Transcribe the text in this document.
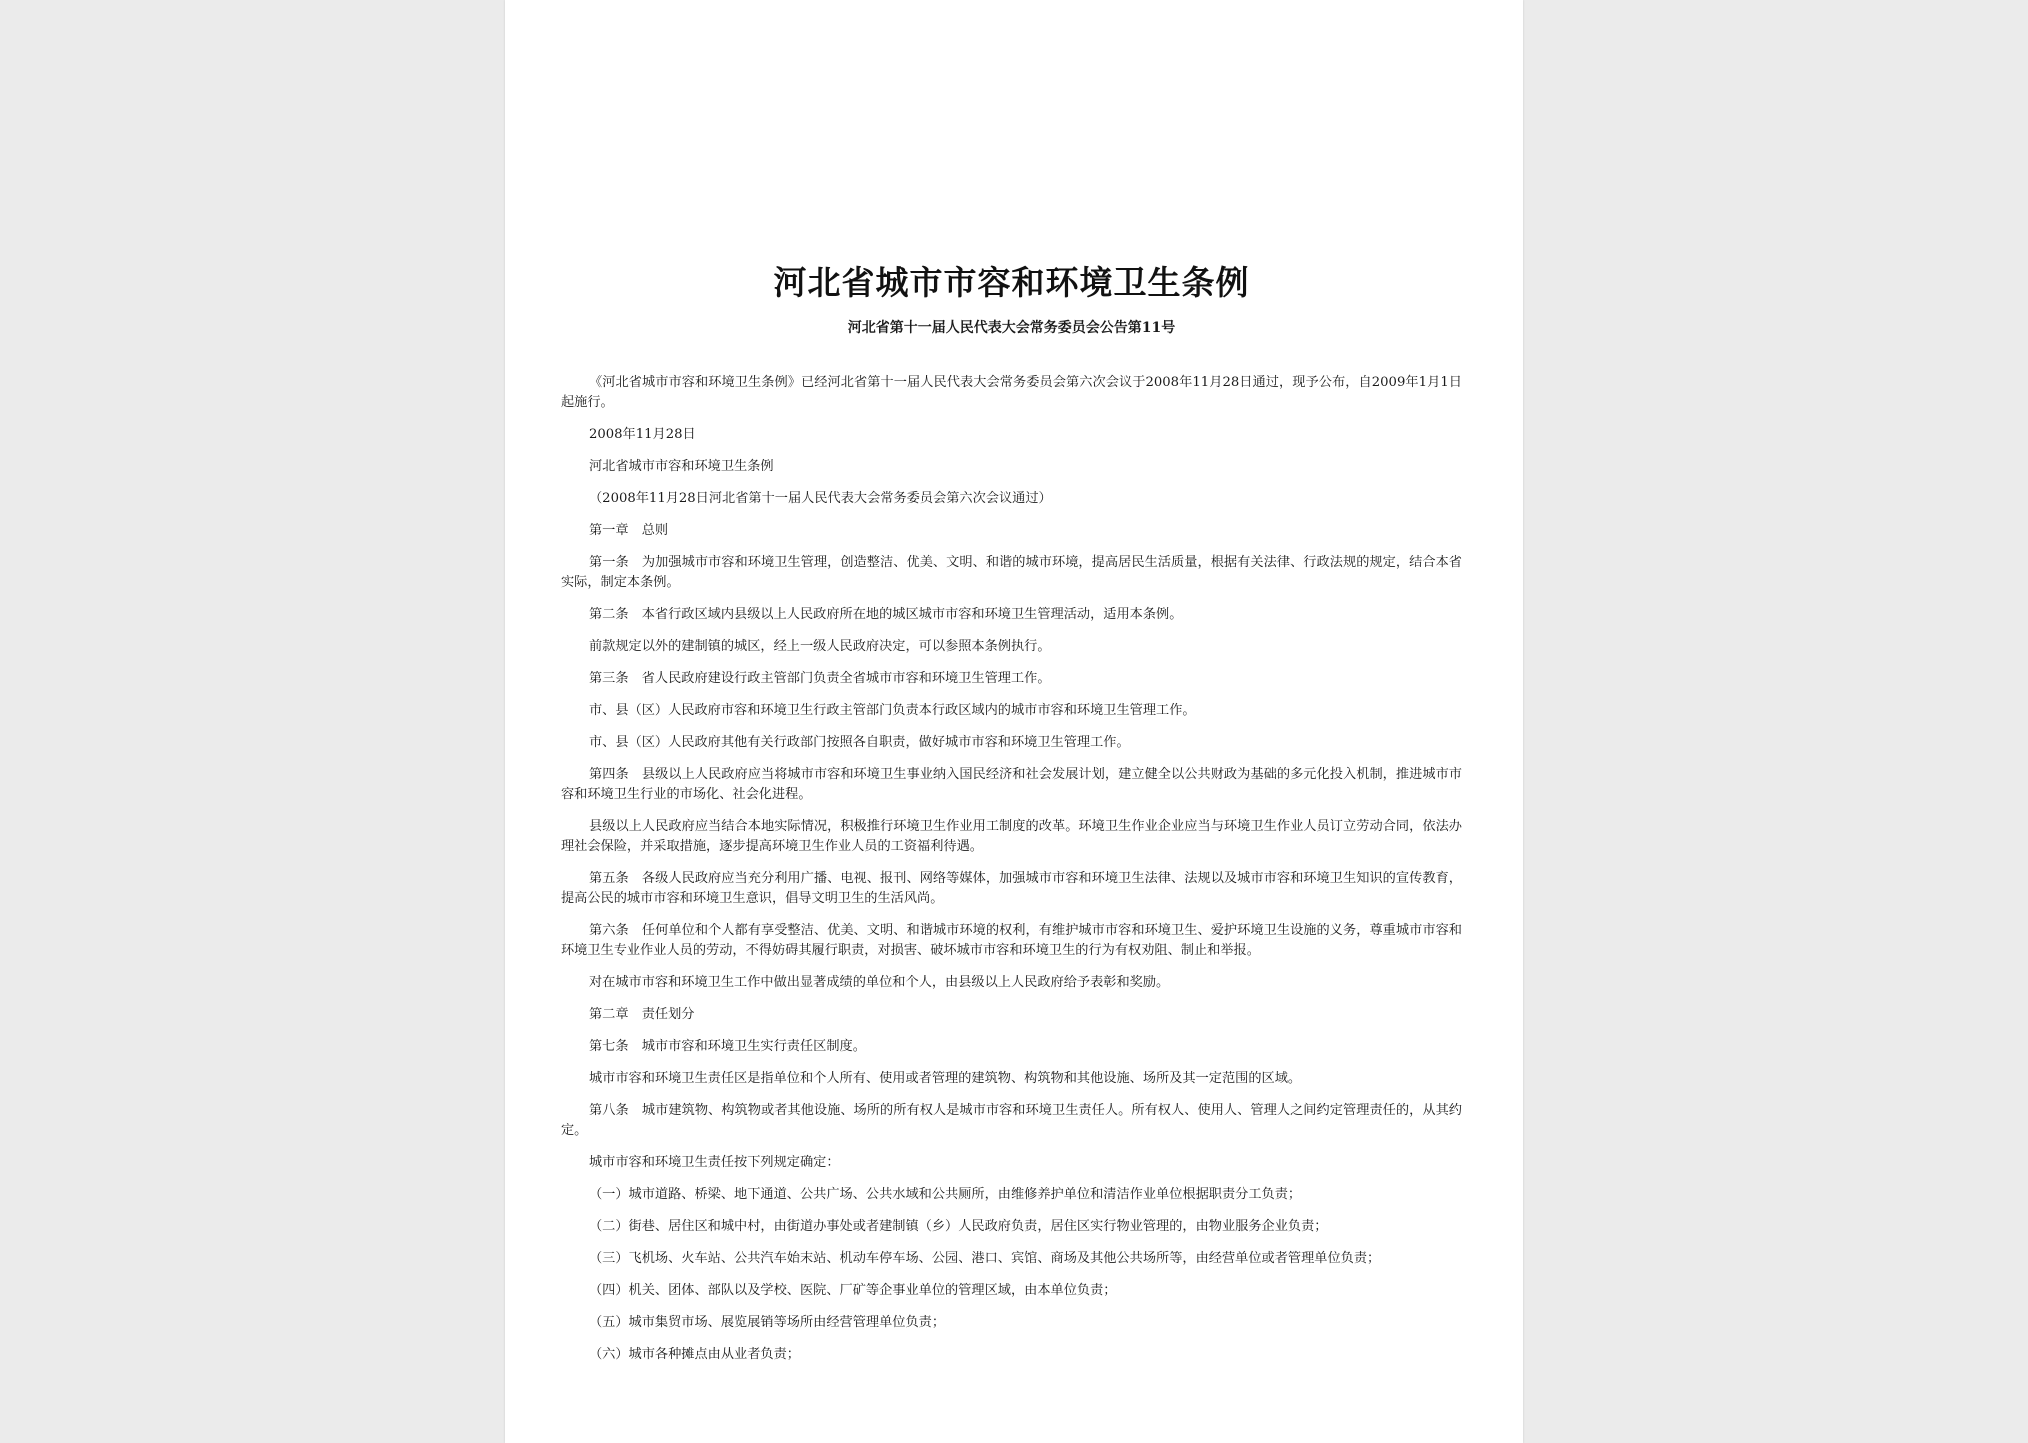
河北省城市市容和环境卫生条例
河北省第十一届人民代表大会常务委员会公告第11号

《河北省城市市容和环境卫生条例》已经河北省第十一届人民代表大会常务委员会第六次会议于2008年11月28日通过，现予公布，自2009年1月1日起施行。

2008年11月28日

河北省城市市容和环境卫生条例

（2008年11月28日河北省第十一届人民代表大会常务委员会第六次会议通过）

第一章　总则

第一条　为加强城市市容和环境卫生管理，创造整洁、优美、文明、和谐的城市环境，提高居民生活质量，根据有关法律、行政法规的规定，结合本省实际，制定本条例。

第二条　本省行政区域内县级以上人民政府所在地的城区城市市容和环境卫生管理活动，适用本条例。

前款规定以外的建制镇的城区，经上一级人民政府决定，可以参照本条例执行。

第三条　省人民政府建设行政主管部门负责全省城市市容和环境卫生管理工作。

市、县（区）人民政府市容和环境卫生行政主管部门负责本行政区域内的城市市容和环境卫生管理工作。

市、县（区）人民政府其他有关行政部门按照各自职责，做好城市市容和环境卫生管理工作。

第四条　县级以上人民政府应当将城市市容和环境卫生事业纳入国民经济和社会发展计划，建立健全以公共财政为基础的多元化投入机制，推进城市市容和环境卫生行业的市场化、社会化进程。

县级以上人民政府应当结合本地实际情况，积极推行环境卫生作业用工制度的改革。环境卫生作业企业应当与环境卫生作业人员订立劳动合同，依法办理社会保险，并采取措施，逐步提高环境卫生作业人员的工资福利待遇。

第五条　各级人民政府应当充分利用广播、电视、报刊、网络等媒体，加强城市市容和环境卫生法律、法规以及城市市容和环境卫生知识的宣传教育，提高公民的城市市容和环境卫生意识，倡导文明卫生的生活风尚。

第六条　任何单位和个人都有享受整洁、优美、文明、和谐城市环境的权利，有维护城市市容和环境卫生、爱护环境卫生设施的义务，尊重城市市容和环境卫生专业作业人员的劳动，不得妨碍其履行职责，对损害、破坏城市市容和环境卫生的行为有权劝阻、制止和举报。

对在城市市容和环境卫生工作中做出显著成绩的单位和个人，由县级以上人民政府给予表彰和奖励。

第二章　责任划分

第七条　城市市容和环境卫生实行责任区制度。

城市市容和环境卫生责任区是指单位和个人所有、使用或者管理的建筑物、构筑物和其他设施、场所及其一定范围的区域。

第八条　城市建筑物、构筑物或者其他设施、场所的所有权人是城市市容和环境卫生责任人。所有权人、使用人、管理人之间约定管理责任的，从其约定。

城市市容和环境卫生责任按下列规定确定：

（一）城市道路、桥梁、地下通道、公共广场、公共水域和公共厕所，由维修养护单位和清洁作业单位根据职责分工负责；

（二）街巷、居住区和城中村，由街道办事处或者建制镇（乡）人民政府负责，居住区实行物业管理的，由物业服务企业负责；

（三）飞机场、火车站、公共汽车始末站、机动车停车场、公园、港口、宾馆、商场及其他公共场所等，由经营单位或者管理单位负责；

（四）机关、团体、部队以及学校、医院、厂矿等企事业单位的管理区域，由本单位负责；

（五）城市集贸市场、展览展销等场所由经营管理单位负责；

（六）城市各种摊点由从业者负责；
